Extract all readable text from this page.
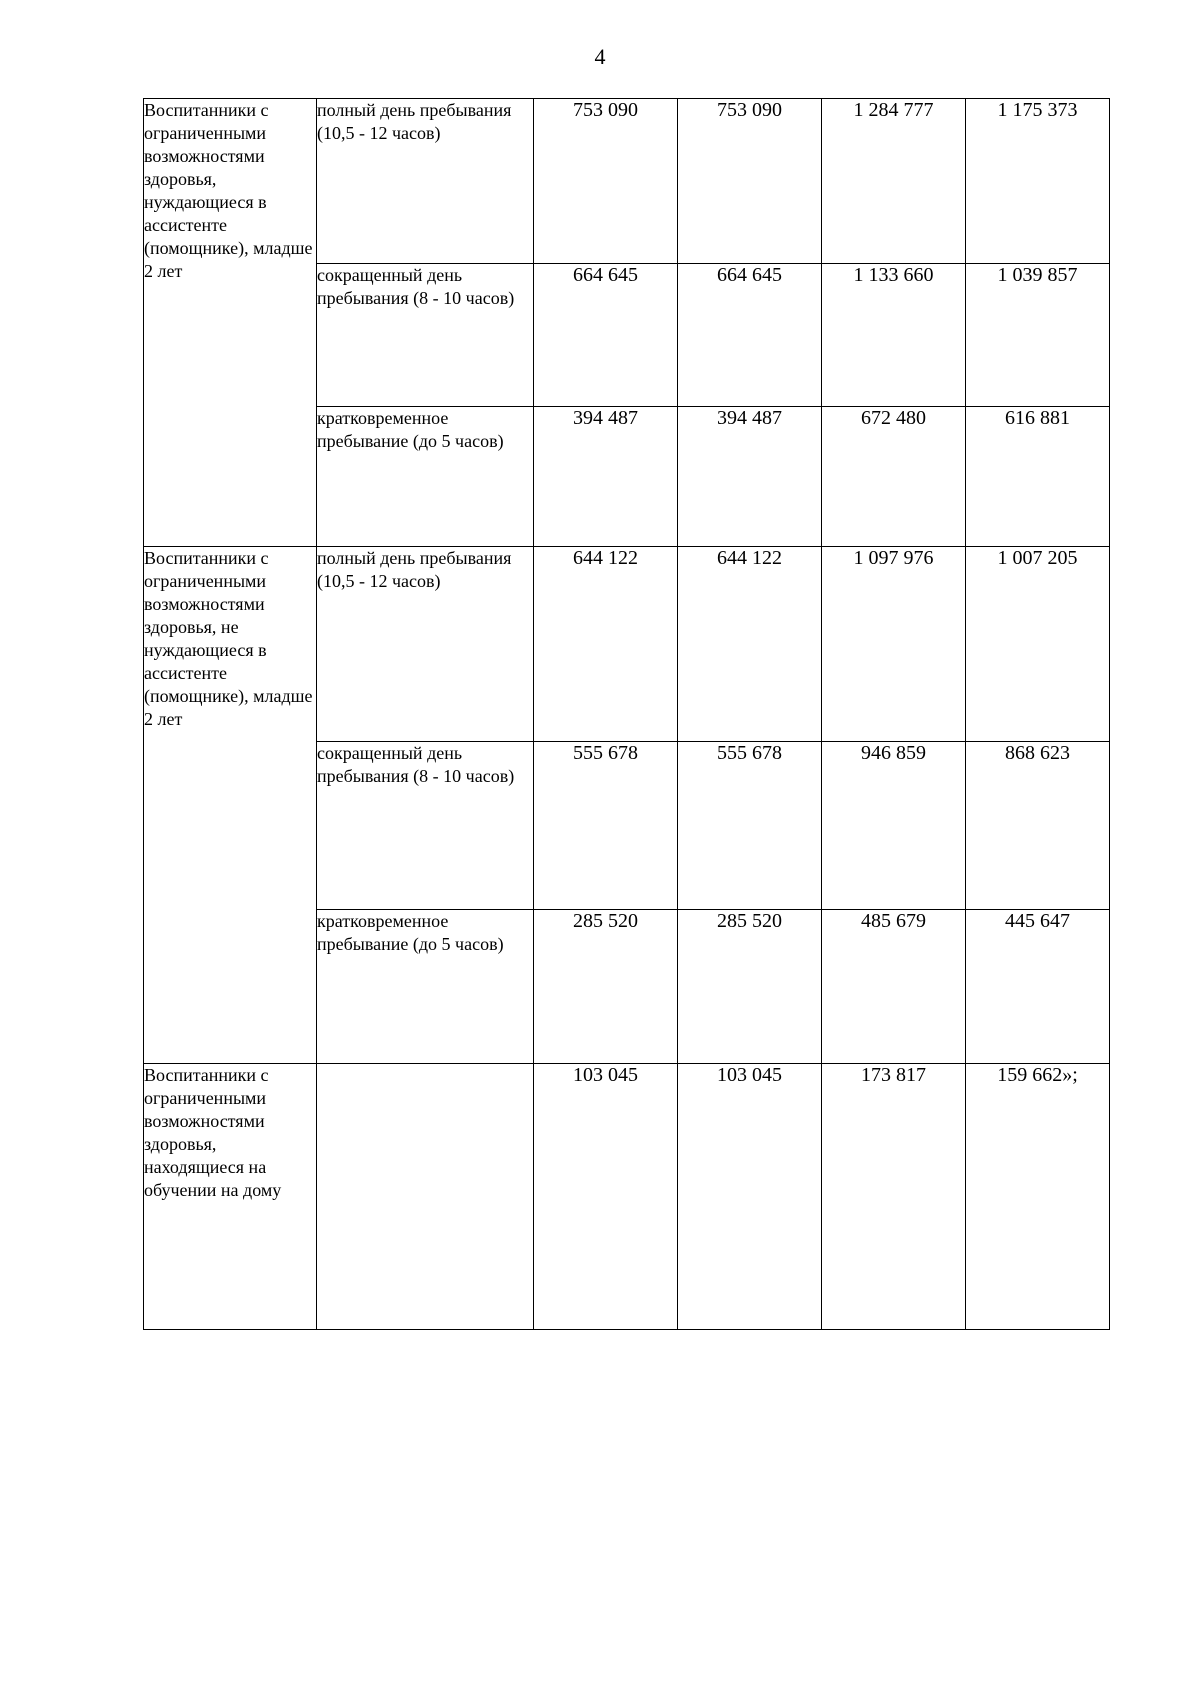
4
Воспитанники с ограниченными возможностями здоровья, нуждающиеся в ассистенте (помощнике), младше 2 лет	полный день пребывания (10,5 - 12 часов)	753 090	753 090	1 284 777	1 175 373
	сокращенный день пребывания (8 - 10 часов)	664 645	664 645	1 133 660	1 039 857
	кратковременное пребывание (до 5 часов)	394 487	394 487	672 480	616 881
Воспитанники с ограниченными возможностями здоровья, не нуждающиеся в ассистенте (помощнике), младше 2 лет	полный день пребывания (10,5 - 12 часов)	644 122	644 122	1 097 976	1 007 205
	сокращенный день пребывания (8 - 10 часов)	555 678	555 678	946 859	868 623
	кратковременное пребывание (до 5 часов)	285 520	285 520	485 679	445 647
Воспитанники с ограниченными возможностями здоровья, находящиеся на обучении на дому		103 045	103 045	173 817	159 662»;
